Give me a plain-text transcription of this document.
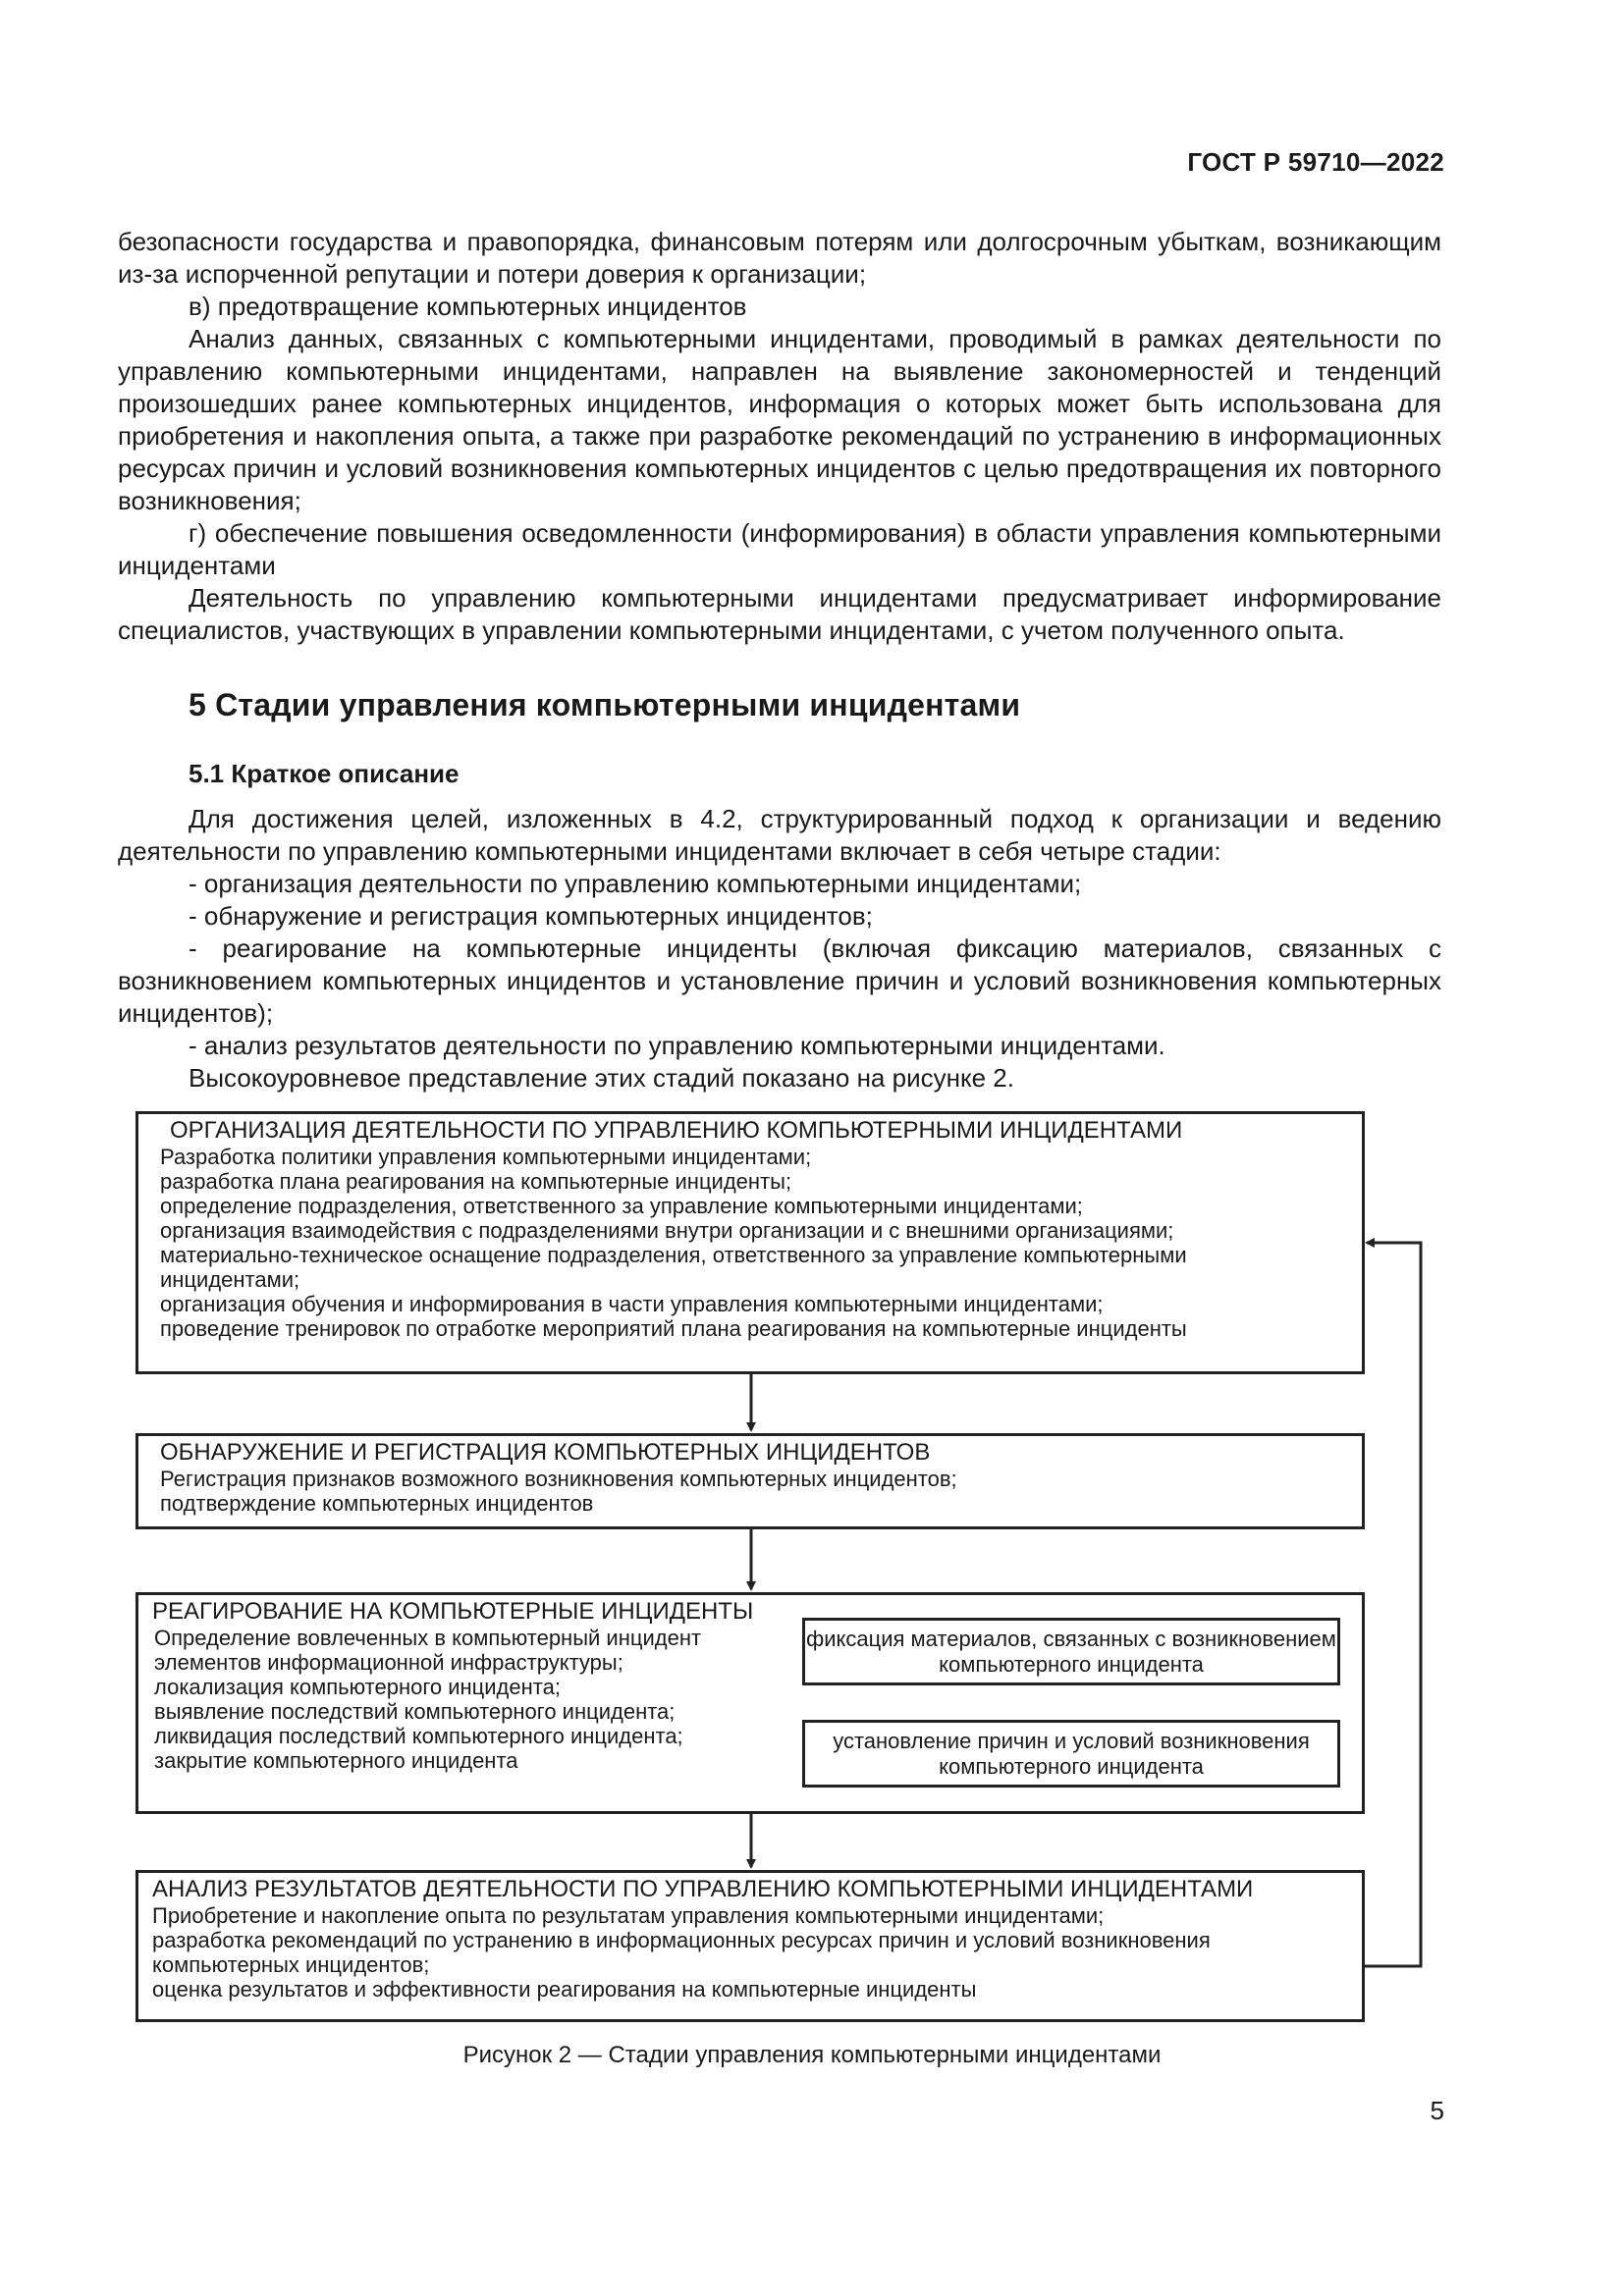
ГОСТ Р 59710—2022

безопасности государства и правопорядка, финансовым потерям или долгосрочным убыткам, возникающим из-за испорченной репутации и потери доверия к организации;

в) предотвращение компьютерных инцидентов

Анализ данных, связанных с компьютерными инцидентами, проводимый в рамках деятельности по управлению компьютерными инцидентами, направлен на выявление закономерностей и тенденций произошедших ранее компьютерных инцидентов, информация о которых может быть использована для приобретения и накопления опыта, а также при разработке рекомендаций по устранению в информационных ресурсах причин и условий возникновения компьютерных инцидентов с целью предотвращения их повторного возникновения;

г) обеспечение повышения осведомленности (информирования) в области управления компьютерными инцидентами

Деятельность по управлению компьютерными инцидентами предусматривает информирование специалистов, участвующих в управлении компьютерными инцидентами, с учетом полученного опыта.

5 Стадии управления компьютерными инцидентами
5.1 Краткое описание

Для достижения целей, изложенных в 4.2, структурированный подход к организации и ведению деятельности по управлению компьютерными инцидентами включает в себя четыре стадии:

- организация деятельности по управлению компьютерными инцидентами;

- обнаружение и регистрация компьютерных инцидентов;

- реагирование на компьютерные инциденты (включая фиксацию материалов, связанных с возникновением компьютерных инцидентов и установление причин и условий возникновения компьютерных инцидентов);

- анализ результатов деятельности по управлению компьютерными инцидентами.

Высокоуровневое представление этих стадий показано на рисунке 2.

ОРГАНИЗАЦИЯ ДЕЯТЕЛЬНОСТИ ПО УПРАВЛЕНИЮ КОМПЬЮТЕРНЫМИ ИНЦИДЕНТАМИ
Разработка политики управления компьютерными инцидентами;
разработка плана реагирования на компьютерные инциденты;
определение подразделения, ответственного за управление компьютерными инцидентами;
организация взаимодействия с подразделениями внутри организации и с внешними организациями;
материально-техническое оснащение подразделения, ответственного за управление компьютерными инцидентами;
организация обучения и информирования в части управления компьютерными инцидентами;
проведение тренировок по отработке мероприятий плана реагирования на компьютерные инциденты
ОБНАРУЖЕНИЕ И РЕГИСТРАЦИЯ КОМПЬЮТЕРНЫХ ИНЦИДЕНТОВ
Регистрация признаков возможного возникновения компьютерных инцидентов;
подтверждение компьютерных инцидентов
РЕАГИРОВАНИЕ НА КОМПЬЮТЕРНЫЕ ИНЦИДЕНТЫ
Определение вовлеченных в компьютерный инцидент элементов информационной инфраструктуры;
локализация компьютерного инцидента;
выявление последствий компьютерного инцидента;
ликвидация последствий компьютерного инцидента;
закрытие компьютерного инцидента
фиксация материалов, связанных с возникновением компьютерного инцидента
установление причин и условий возникновения компьютерного инцидента
АНАЛИЗ РЕЗУЛЬТАТОВ ДЕЯТЕЛЬНОСТИ ПО УПРАВЛЕНИЮ КОМПЬЮТЕРНЫМИ ИНЦИДЕНТАМИ
Приобретение и накопление опыта по результатам управления компьютерными инцидентами;
разработка рекомендаций по устранению в информационных ресурсах причин и условий возникновения компьютерных инцидентов;
оценка результатов и эффективности реагирования на компьютерные инциденты
Рисунок 2 — Стадии управления компьютерными инцидентами
5
